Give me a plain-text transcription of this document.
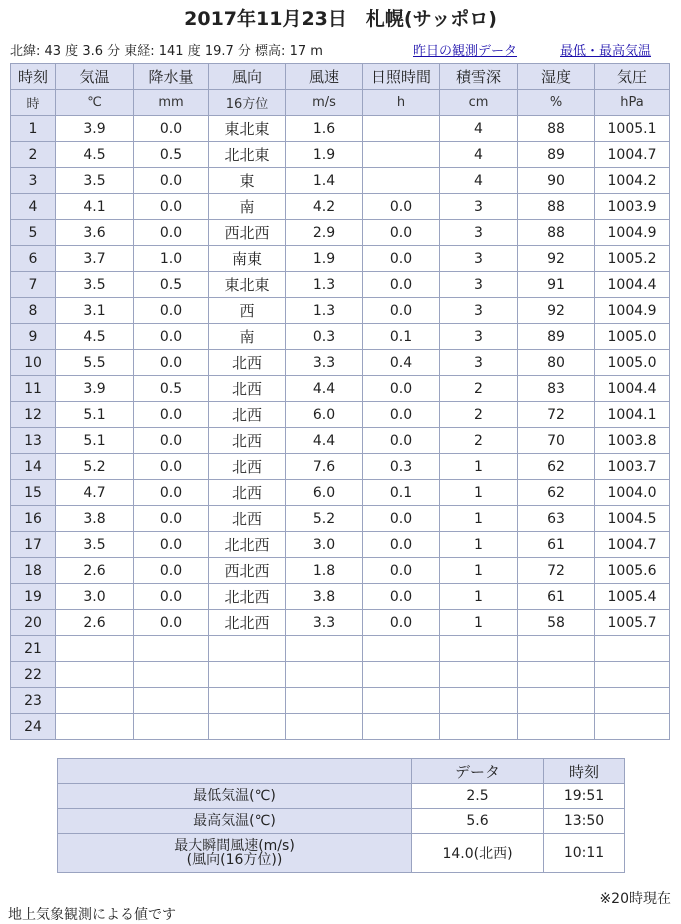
2017年11月23日　札幌(サッポロ)
北緯: 43 度 3.6 分 東経: 141 度 19.7 分 標高: 17 m	昨日の観測データ	最低・最高気温
時刻	気温	降水量	風向	風速	日照時間	積雪深	湿度	気圧
時	℃	mm	16方位	m/s	h	cm	%	hPa
1	3.9	0.0	東北東	1.6		4	88	1005.1
2	4.5	0.5	北北東	1.9		4	89	1004.7
3	3.5	0.0	東	1.4		4	90	1004.2
4	4.1	0.0	南	4.2	0.0	3	88	1003.9
5	3.6	0.0	西北西	2.9	0.0	3	88	1004.9
6	3.7	1.0	南東	1.9	0.0	3	92	1005.2
7	3.5	0.5	東北東	1.3	0.0	3	91	1004.4
8	3.1	0.0	西	1.3	0.0	3	92	1004.9
9	4.5	0.0	南	0.3	0.1	3	89	1005.0
10	5.5	0.0	北西	3.3	0.4	3	80	1005.0
11	3.9	0.5	北西	4.4	0.0	2	83	1004.4
12	5.1	0.0	北西	6.0	0.0	2	72	1004.1
13	5.1	0.0	北西	4.4	0.0	2	70	1003.8
14	5.2	0.0	北西	7.6	0.3	1	62	1003.7
15	4.7	0.0	北西	6.0	0.1	1	62	1004.0
16	3.8	0.0	北西	5.2	0.0	1	63	1004.5
17	3.5	0.0	北北西	3.0	0.0	1	61	1004.7
18	2.6	0.0	西北西	1.8	0.0	1	72	1005.6
19	3.0	0.0	北北西	3.8	0.0	1	61	1005.4
20	2.6	0.0	北北西	3.3	0.0	1	58	1005.7
21								
22								
23								
24								
	データ	時刻
最低気温(℃)	2.5	19:51
最高気温(℃)	5.6	13:50
最大瞬間風速(m/s)
(風向(16方位))	14.0(北西)	10:11
※20時現在
地上気象観測による値です
